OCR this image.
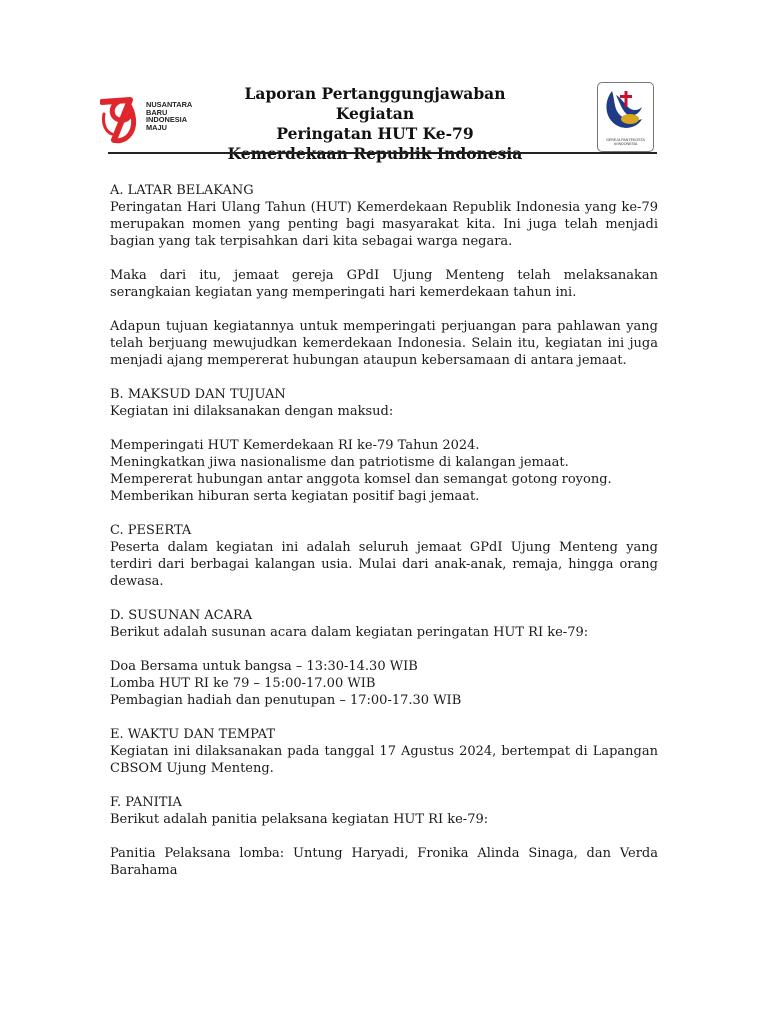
NUSANTARA
BARU
INDONESIA
MAJU
Laporan Pertanggungjawaban Kegiatan
Peringatan HUT Ke-79	GEREJA PANTEKOSTA
di INDONESIA

A. LATAR BELAKANG

Peringatan Hari Ulang Tahun (HUT) Kemerdekaan Republik Indonesia yang ke-79 merupakan momen yang penting bagi masyarakat kita. Ini juga telah menjadi bagian yang tak terpisahkan dari kita sebagai warga negara.

Maka dari itu, jemaat gereja GPdI Ujung Menteng telah melaksanakan serangkaian kegiatan yang memperingati hari kemerdekaan tahun ini.

Adapun tujuan kegiatannya untuk memperingati perjuangan para pahlawan yang telah berjuang mewujudkan kemerdekaan Indonesia. Selain itu, kegiatan ini juga menjadi ajang mempererat hubungan ataupun kebersamaan di antara jemaat.

B. MAKSUD DAN TUJUAN

Kegiatan ini dilaksanakan dengan maksud:

Memperingati HUT Kemerdekaan RI ke-79 Tahun 2024.

Meningkatkan jiwa nasionalisme dan patriotisme di kalangan jemaat.

Mempererat hubungan antar anggota komsel dan semangat gotong royong.

Memberikan hiburan serta kegiatan positif bagi jemaat.

C. PESERTA

Peserta dalam kegiatan ini adalah seluruh jemaat GPdI Ujung Menteng yang terdiri dari berbagai kalangan usia. Mulai dari anak-anak, remaja, hingga orang dewasa.

D. SUSUNAN ACARA

Berikut adalah susunan acara dalam kegiatan peringatan HUT RI ke-79:

Doa Bersama untuk bangsa – 13:30-14.30 WIB

Lomba HUT RI ke 79 – 15:00-17.00 WIB

Pembagian hadiah dan penutupan – 17:00-17.30 WIB

E. WAKTU DAN TEMPAT

Kegiatan ini dilaksanakan pada tanggal 17 Agustus 2024, bertempat di Lapangan CBSOM Ujung Menteng.

F. PANITIA

Berikut adalah panitia pelaksana kegiatan HUT RI ke-79:

Panitia Pelaksana lomba: Untung Haryadi, Fronika Alinda Sinaga, dan Verda Barahama
